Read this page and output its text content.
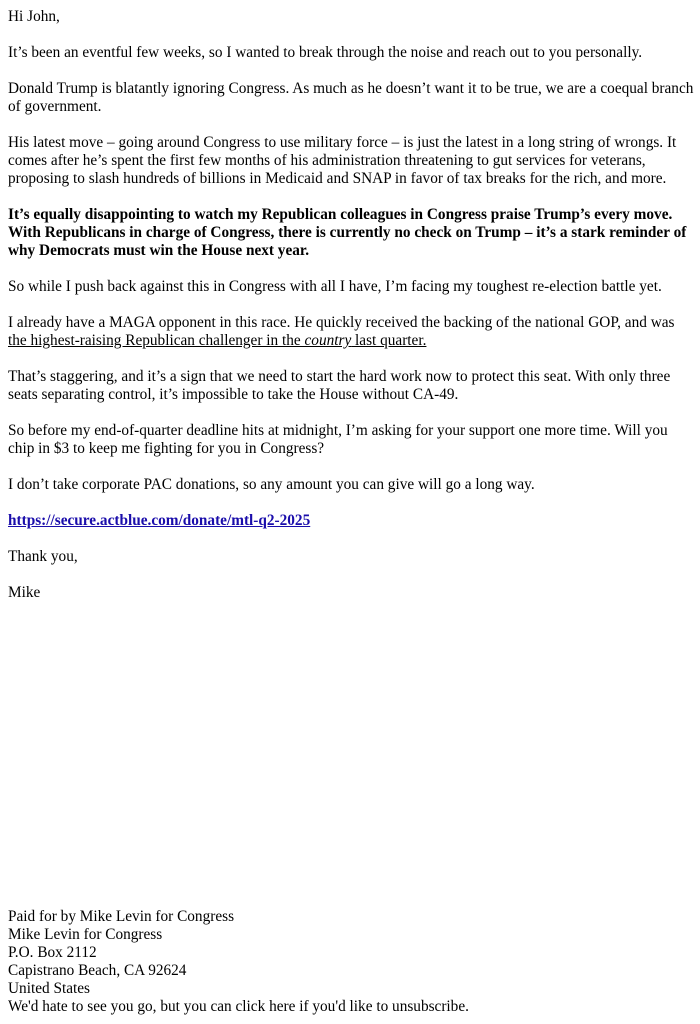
Hi John,

It’s been an eventful few weeks, so I wanted to break through the noise and reach out to you personally.

Donald Trump is blatantly ignoring Congress. As much as he doesn’t want it to be true, we are a coequal branch of government.

His latest move – going around Congress to use military force – is just the latest in a long string of wrongs. It comes after he’s spent the first few months of his administration threatening to gut services for veterans, proposing to slash hundreds of billions in Medicaid and SNAP in favor of tax breaks for the rich, and more.

It’s equally disappointing to watch my Republican colleagues in Congress praise Trump’s every move. With Republicans in charge of Congress, there is currently no check on Trump – it’s a stark reminder of why Democrats must win the House next year.

So while I push back against this in Congress with all I have, I’m facing my toughest re-election battle yet.

I already have a MAGA opponent in this race. He quickly received the backing of the national GOP, and was the highest-raising Republican challenger in the country last quarter.

That’s staggering, and it’s a sign that we need to start the hard work now to protect this seat. With only three seats separating control, it’s impossible to take the House without CA-49.

So before my end-of-quarter deadline hits at midnight, I’m asking for your support one more time. Will you chip in $3 to keep me fighting for you in Congress?

I don’t take corporate PAC donations, so any amount you can give will go a long way.

https://secure.actblue.com/donate/mtl-q2-2025

Thank you,

Mike

Paid for by Mike Levin for Congress
Mike Levin for Congress
P.O. Box 2112
Capistrano Beach, CA 92624
United States
We'd hate to see you go, but you can click here if you'd like to unsubscribe.
